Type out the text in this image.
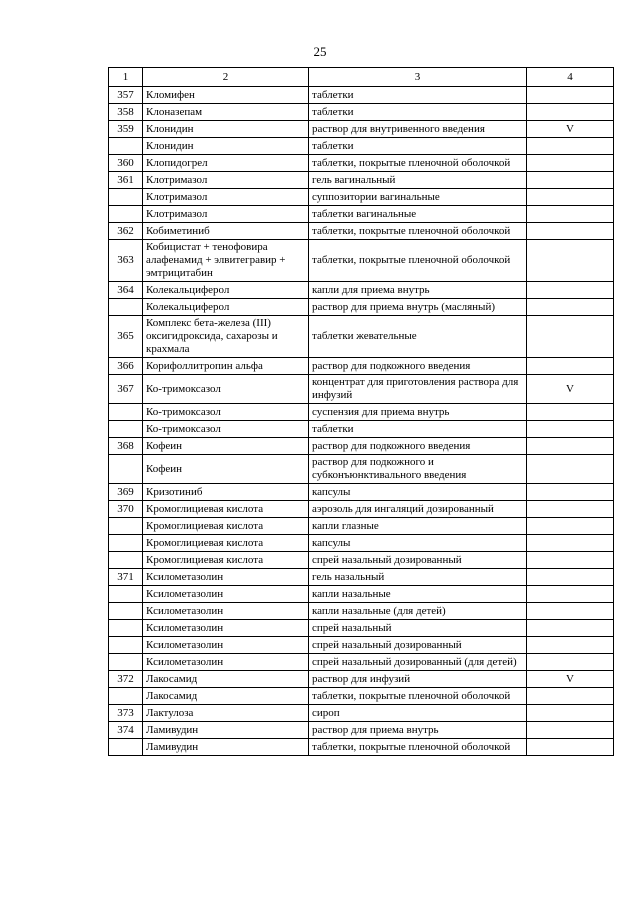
25
1	2	3	4
357	Кломифен	таблетки	
358	Клоназепам	таблетки	
359	Клонидин	раствор для внутривенного введения	V
	Клонидин	таблетки	
360	Клопидогрел	таблетки, покрытые пленочной оболочкой	
361	Клотримазол	гель вагинальный	
	Клотримазол	суппозитории вагинальные	
	Клотримазол	таблетки вагинальные	
362	Кобиметиниб	таблетки, покрытые пленочной оболочкой	
363	Кобицистат + тенофовира алафенамид + элвитегравир + эмтрицитабин	таблетки, покрытые пленочной оболочкой	
364	Колекальциферол	капли для приема внутрь	
	Колекальциферол	раствор для приема внутрь (масляный)	
365	Комплекс бета-железа (III) оксигидроксида, сахарозы и крахмала	таблетки жевательные	
366	Корифоллитропин альфа	раствор для подкожного введения	
367	Ко-тримоксазол	концентрат для приготовления раствора для инфузий	V
	Ко-тримоксазол	суспензия для приема внутрь	
	Ко-тримоксазол	таблетки	
368	Кофеин	раствор для подкожного введения	
	Кофеин	раствор для подкожного и субконъюнктивального введения	
369	Кризотиниб	капсулы	
370	Кромоглициевая кислота	аэрозоль для ингаляций дозированный	
	Кромоглициевая кислота	капли глазные	
	Кромоглициевая кислота	капсулы	
	Кромоглициевая кислота	спрей назальный дозированный	
371	Ксилометазолин	гель назальный	
	Ксилометазолин	капли назальные	
	Ксилометазолин	капли назальные (для детей)	
	Ксилометазолин	спрей назальный	
	Ксилометазолин	спрей назальный дозированный	
	Ксилометазолин	спрей назальный дозированный (для детей)	
372	Лакосамид	раствор для инфузий	V
	Лакосамид	таблетки, покрытые пленочной оболочкой	
373	Лактулоза	сироп	
374	Ламивудин	раствор для приема внутрь	
	Ламивудин	таблетки, покрытые пленочной оболочкой	
